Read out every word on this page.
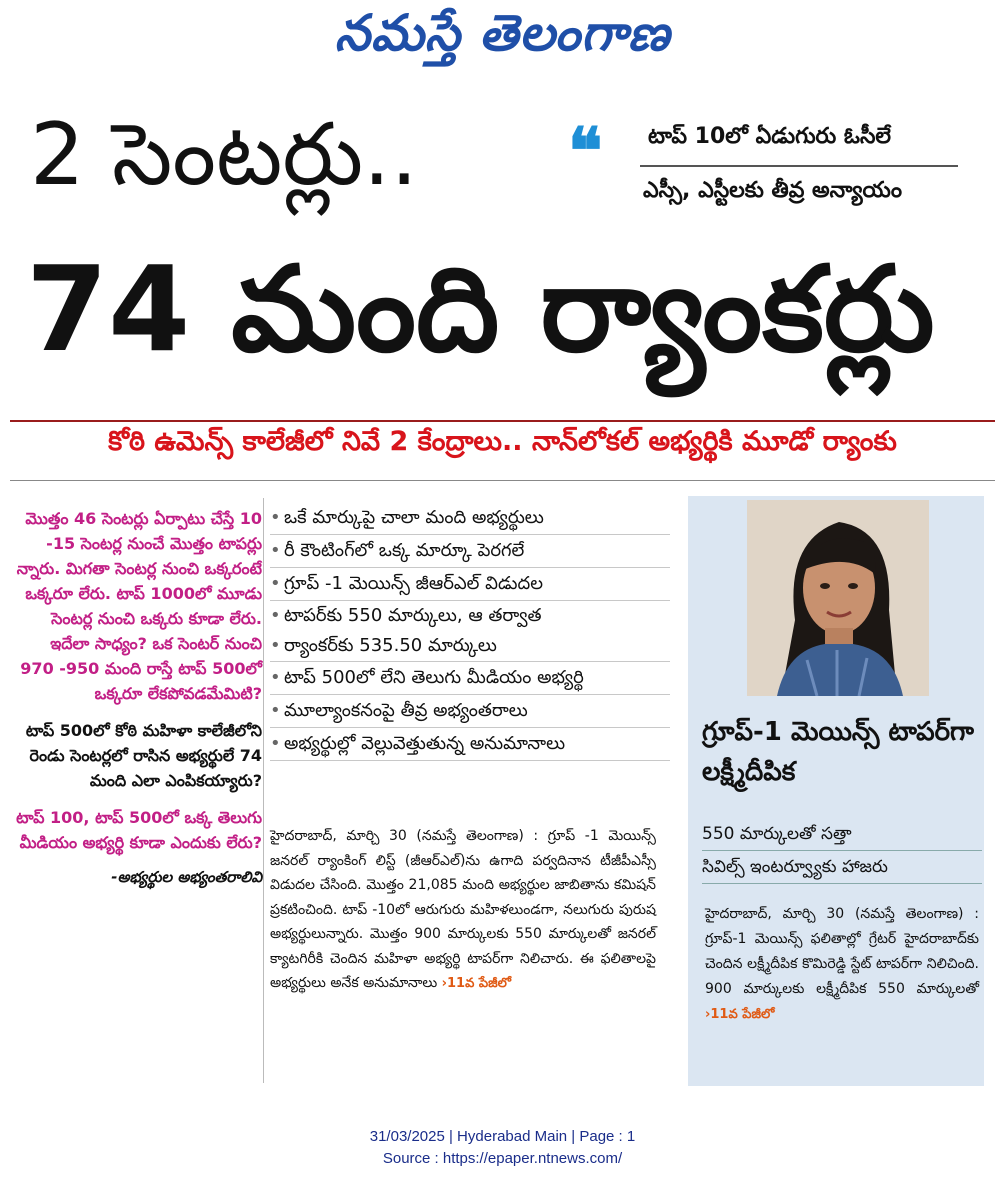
నమస్తే తెలంగాణ
2 సెంటర్లు.. ❝ టాప్ 10లో ఏడుగురు ఓసీలే
ఎస్సీ, ఎస్టీలకు తీవ్ర అన్యాయం
74 మంది ర్యాంకర్లు
కోఠి ఉమెన్స్ కాలేజీలో నివే 2 కేంద్రాలు.. నాన్‌లోకల్ అభ్యర్థికి మూడో ర్యాంకు

మొత్తం 46 సెంటర్లు ఏర్పాటు చేస్తే 10 -15 సెంటర్ల నుంచే మొత్తం టాపర్లు న్నారు. మిగతా సెంటర్ల నుంచి ఒక్కరంటే ఒక్కరూ లేరు. టాప్ 1000లో మూడు సెంటర్ల నుంచి ఒక్కరు కూడా లేరు. ఇదేలా సాధ్యం? ఒక సెంటర్ నుంచి 970 -950 మంది రాస్తే టాప్ 500లో ఒక్కరూ లేకపోవడమేమిటి?

టాప్ 500లో కోఠి మహిళా కాలేజీలోని రెండు సెంటర్లలో రాసిన అభ్యర్థులే 74 మంది ఎలా ఎంపికయ్యారు?

టాప్ 100, టాప్ 500లో ఒక్క తెలుగు మీడియం అభ్యర్థి కూడా ఎందుకు లేరు?

-అభ్యర్థుల అభ్యంతరాలివి

• ఒకే మార్కుపై చాలా మంది అభ్యర్థులు
• రీ కౌంటింగ్‌లో ఒక్క మార్కూ పెరగలే
• గ్రూప్ -1 మెయిన్స్ జీఆర్‌ఎల్ విడుదల
• టాపర్‌కు 550 మార్కులు, ఆ తర్వాత
• ర్యాంకర్‌కు 535.50 మార్కులు
• టాప్ 500లో లేని తెలుగు మీడియం అభ్యర్థి
• మూల్యాంకనంపై తీవ్ర అభ్యంతరాలు
• అభ్యర్థుల్లో వెల్లువెత్తుతున్న అనుమానాలు
హైదరాబాద్, మార్చి 30 (నమస్తే తెలంగాణ) : గ్రూప్ -1 మెయిన్స్ జనరల్ ర్యాంకింగ్ లిస్ట్ (జీఆర్‌ఎల్)ను ఉగాది పర్వదినాన టీజీపీఎస్సీ విడుదల చేసింది. మొత్తం 21,085 మంది అభ్యర్థుల జాబితాను కమిషన్ ప్రకటించింది. టాప్ -10లో ఆరుగురు మహిళలుండగా, నలుగురు పురుష అభ్యర్థులున్నారు. మొత్తం 900 మార్కులకు 550 మార్కులతో జనరల్ క్యాటగిరీకి చెందిన మహిళా అభ్యర్థి టాపర్‌గా నిలిచారు. ఈ ఫలితాలపై అభ్యర్థులు అనేక అనుమానాలు ›11వ పేజీలో
గ్రూప్-1 మెయిన్స్ టాపర్‌గా లక్ష్మీదీపిక
550 మార్కులతో సత్తా
సివిల్స్ ఇంటర్వ్యూకు హాజరు
హైదరాబాద్, మార్చి 30 (నమస్తే తెలంగాణ) : గ్రూప్-1 మెయిన్స్ ఫలితాల్లో గ్రేటర్ హైదరాబాద్‌కు చెందిన లక్ష్మీదీపిక కొమిరెడ్డి స్టేట్ టాపర్‌గా నిలిచింది. 900 మార్కులకు లక్ష్మీదీపిక 550 మార్కులతో ›11వ పేజీలో
31/03/2025 | Hyderabad Main | Page : 1
Source : https://epaper.ntnews.com/
